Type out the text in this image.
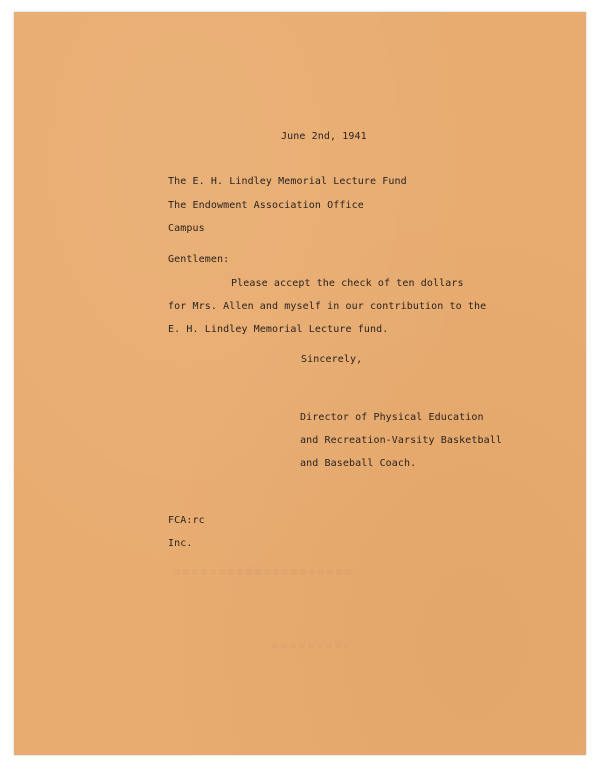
June 2nd, 1941
The E. H. Lindley Memorial Lecture Fund
The Endowment Association Office
Campus
Gentlemen:
Please accept the check of ten dollars
for Mrs. Allen and myself in our contribution to the
E. H. Lindley Memorial Lecture fund.
Sincerely,
Director of Physical Education
and Recreation-Varsity Basketball
and Baseball Coach.
FCA:rc
Inc.
